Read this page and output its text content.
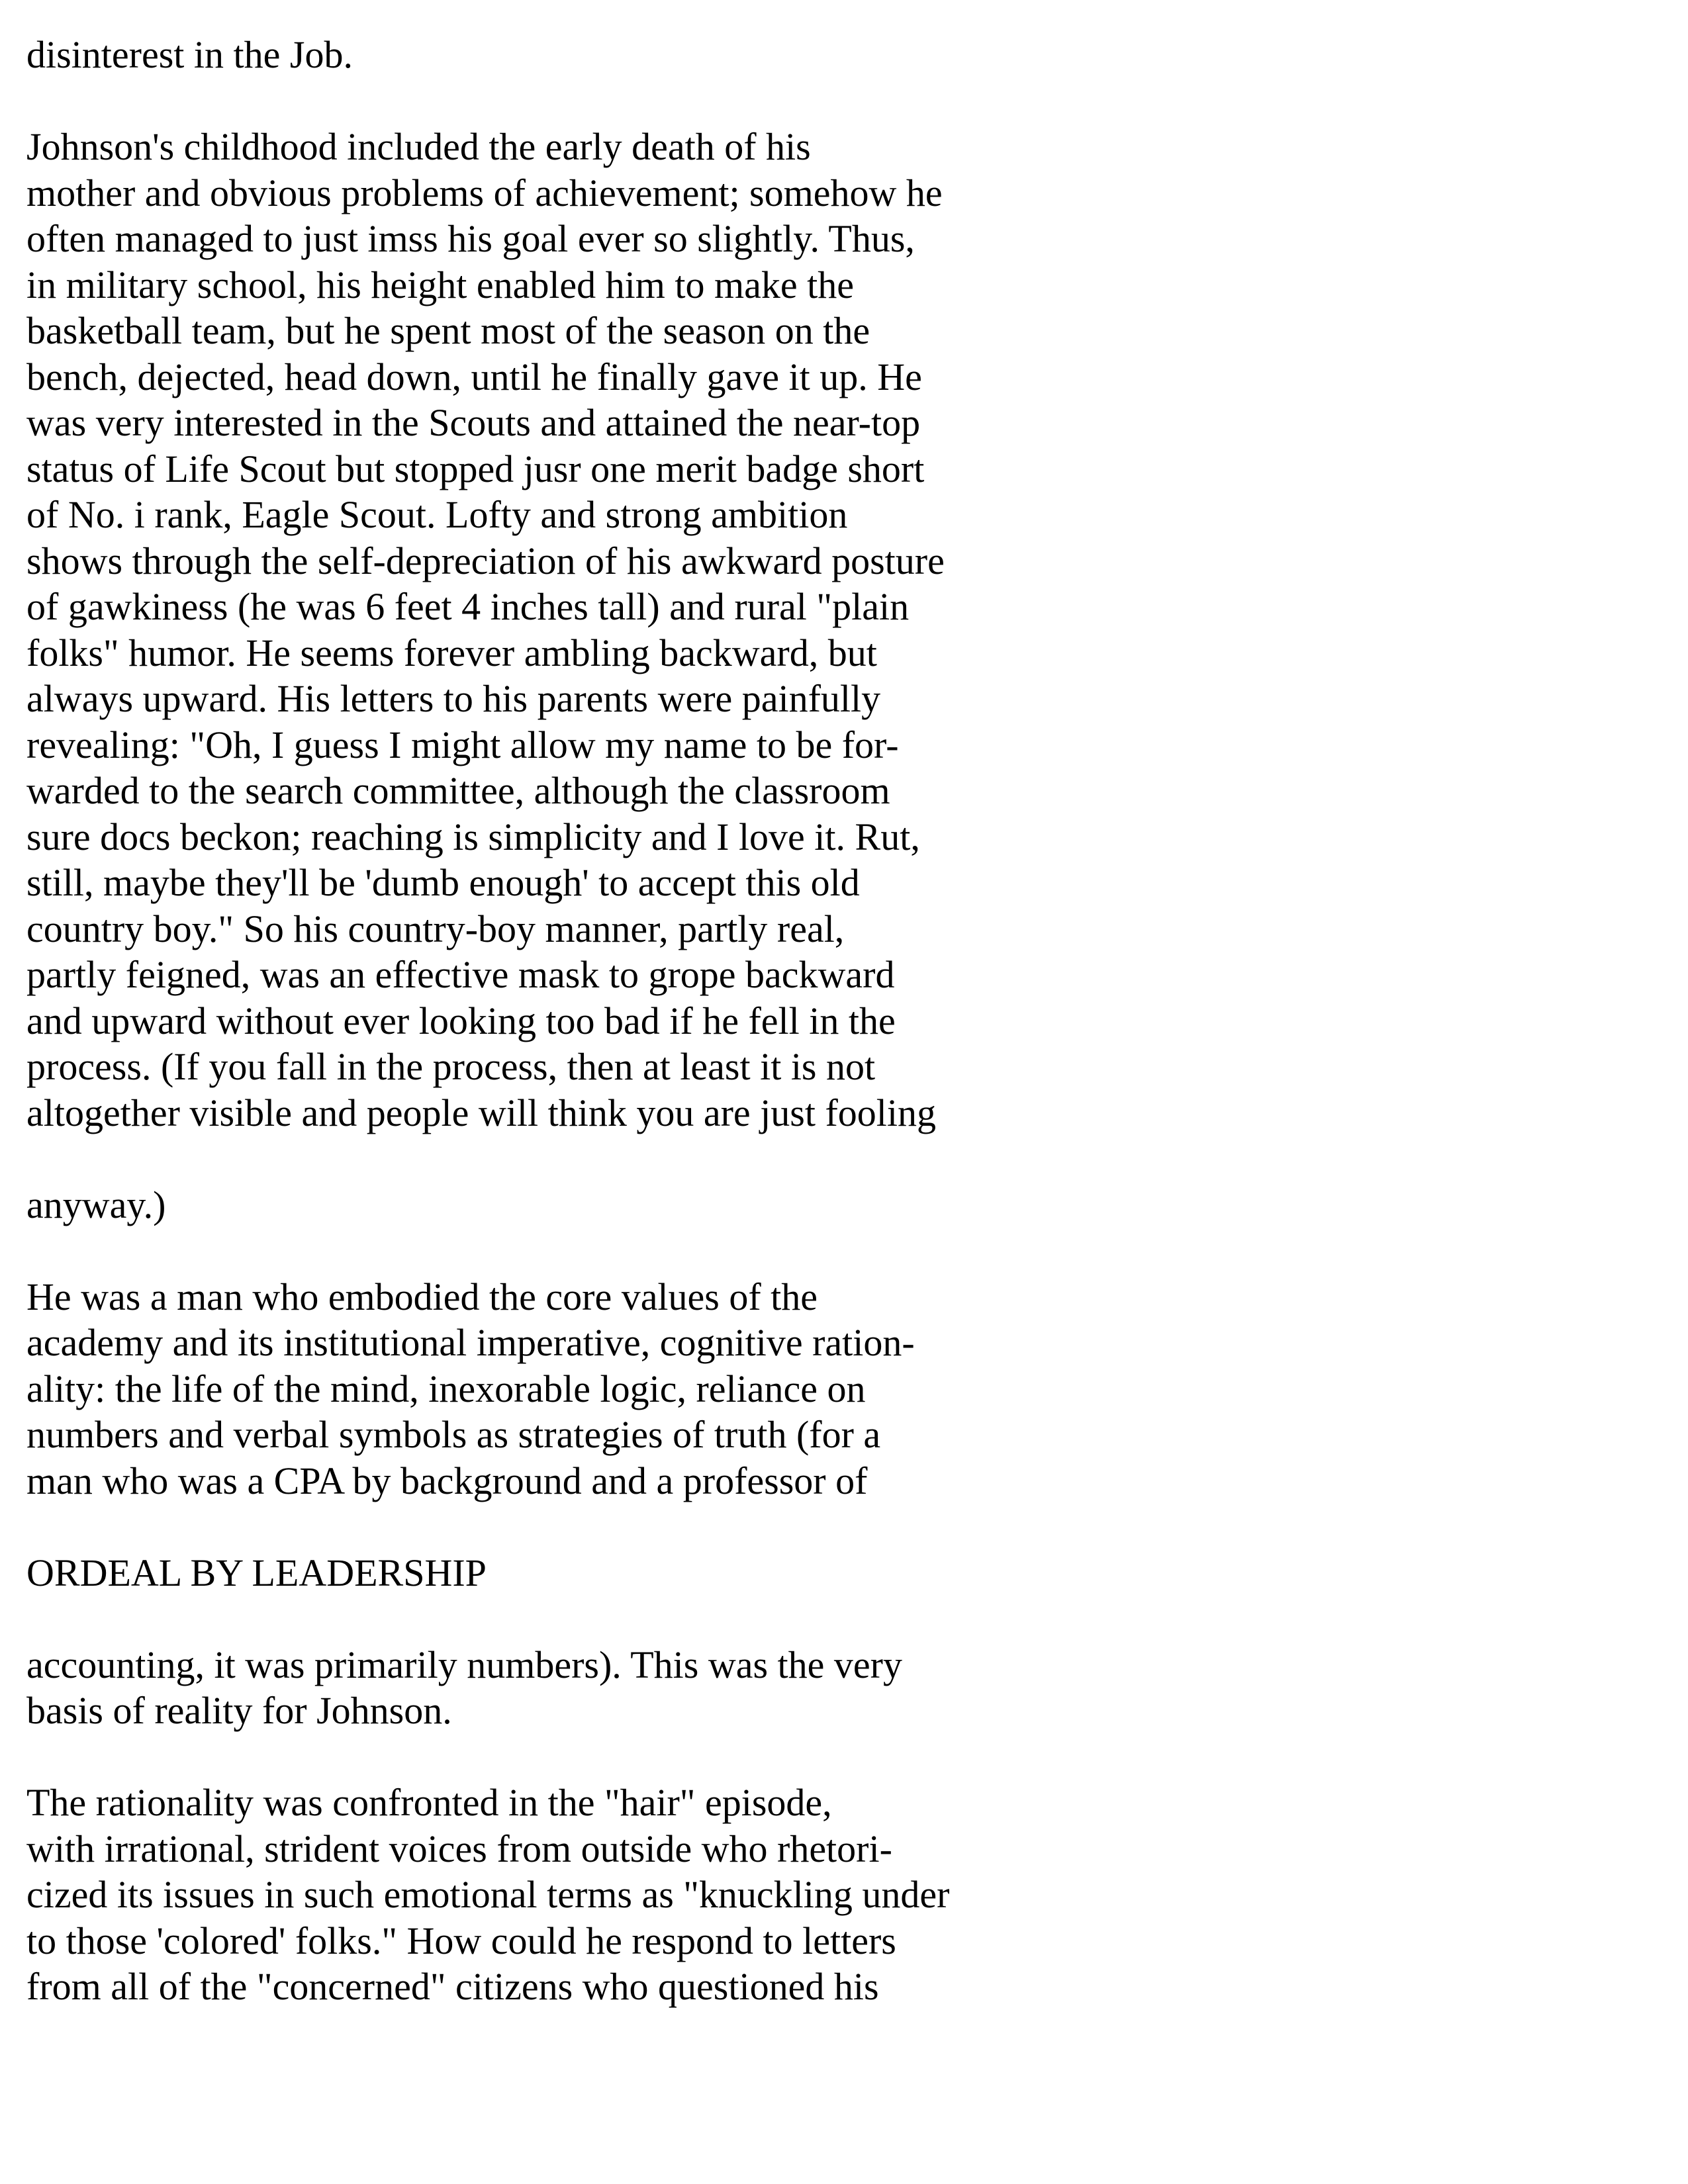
disinterest in the Job.
Johnson's childhood included the early death of his
mother and obvious problems of achievement; somehow he
often managed to just imss his goal ever so slightly. Thus,
in military school, his height enabled him to make the
basketball team, but he spent most of the season on the
bench, dejected, head down, until he finally gave it up. He
was very interested in the Scouts and attained the near-top
status of Life Scout but stopped jusr one merit badge short
of No. i rank, Eagle Scout. Lofty and strong ambition
shows through the self-depreciation of his awkward posture
of gawkiness (he was 6 feet 4 inches tall) and rural "plain
folks" humor. He seems forever ambling backward, but
always upward. His letters to his parents were painfully
revealing: "Oh, I guess I might allow my name to be for-
warded to the search committee, although the classroom
sure docs beckon; reaching is simplicity and I love it. Rut,
still, maybe they'll be 'dumb enough' to accept this old
country boy." So his country-boy manner, partly real,
partly feigned, was an effective mask to grope backward
and upward without ever looking too bad if he fell in the
process. (If you fall in the process, then at least it is not
altogether visible and people will think you are just fooling
anyway.)
He was a man who embodied the core values of the
academy and its institutional imperative, cognitive ration-
ality: the life of the mind, inexorable logic, reliance on
numbers and verbal symbols as strategies of truth (for a
man who was a CPA by background and a professor of
ORDEAL BY LEADERSHIP
accounting, it was primarily numbers). This was the very
basis of reality for Johnson.
The rationality was confronted in the "hair" episode,
with irrational, strident voices from outside who rhetori-
cized its issues in such emotional terms as "knuckling under
to those 'colored' folks." How could he respond to letters
from all of the "concerned" citizens who questioned his
